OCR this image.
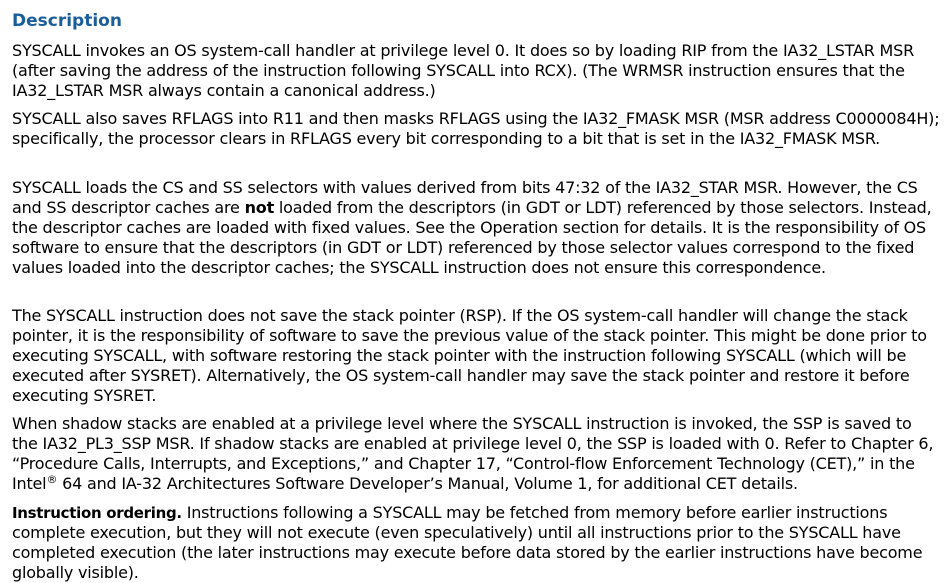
Description

SYSCALL invokes an OS system-call handler at privilege level 0. It does so by loading RIP from the IA32_LSTAR MSR (after saving the address of the instruction following SYSCALL into RCX). (The WRMSR instruction ensures that the IA32_LSTAR MSR always contain a canonical address.)

SYSCALL also saves RFLAGS into R11 and then masks RFLAGS using the IA32_FMASK MSR (MSR address C0000084H); specifically, the processor clears in RFLAGS every bit corresponding to a bit that is set in the IA32_FMASK MSR.

SYSCALL loads the CS and SS selectors with values derived from bits 47:32 of the IA32_STAR MSR. However, the CS and SS descriptor caches are not loaded from the descriptors (in GDT or LDT) referenced by those selectors. Instead, the descriptor caches are loaded with fixed values. See the Operation section for details. It is the responsibility of OS software to ensure that the descriptors (in GDT or LDT) referenced by those selector values correspond to the fixed values loaded into the descriptor caches; the SYSCALL instruction does not ensure this correspondence.

The SYSCALL instruction does not save the stack pointer (RSP). If the OS system-call handler will change the stack pointer, it is the responsibility of software to save the previous value of the stack pointer. This might be done prior to executing SYSCALL, with software restoring the stack pointer with the instruction following SYSCALL (which will be executed after SYSRET). Alternatively, the OS system-call handler may save the stack pointer and restore it before executing SYSRET.

When shadow stacks are enabled at a privilege level where the SYSCALL instruction is invoked, the SSP is saved to the IA32_PL3_SSP MSR. If shadow stacks are enabled at privilege level 0, the SSP is loaded with 0. Refer to Chapter 6, “Procedure Calls, Interrupts, and Exceptions,” and Chapter 17, “Control-flow Enforcement Technology (CET),” in the Intel® 64 and IA-32 Architectures Software Developer’s Manual, Volume 1, for additional CET details.

Instruction ordering. Instructions following a SYSCALL may be fetched from memory before earlier instructions complete execution, but they will not execute (even speculatively) until all instructions prior to the SYSCALL have completed execution (the later instructions may execute before data stored by the earlier instructions have become globally visible).
